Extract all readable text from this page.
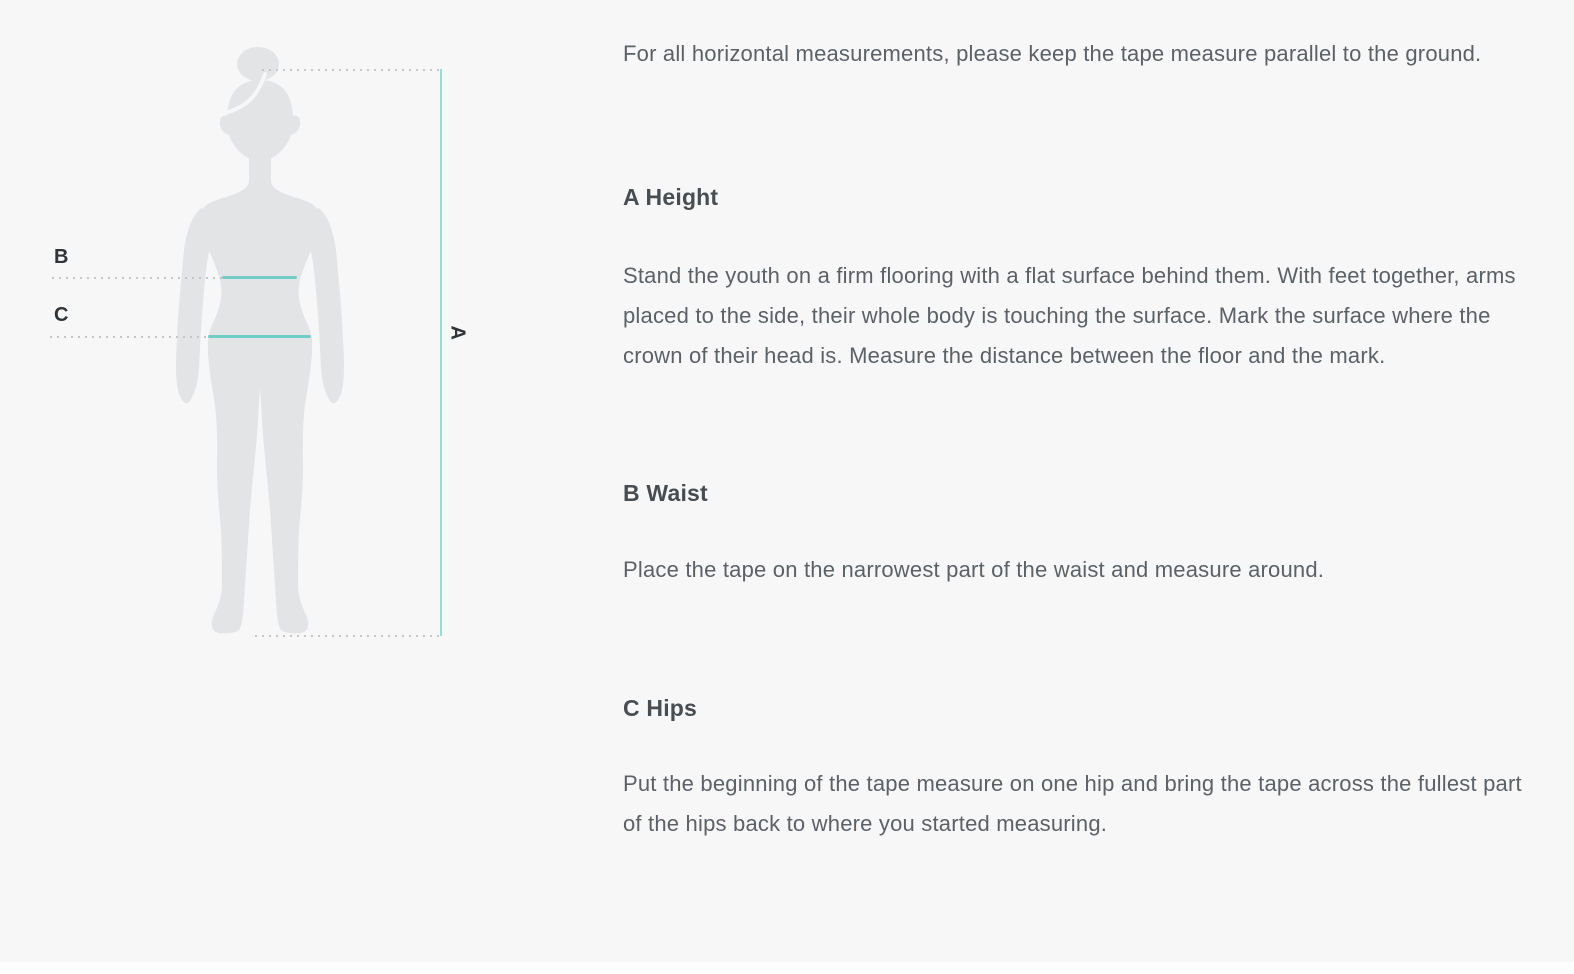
A
B
C

For all horizontal measurements, please keep the tape measure parallel to the ground.

A Height

Stand the youth on a firm flooring with a flat surface behind them. With feet together, arms placed to the side, their whole body is touching the surface. Mark the surface where the crown of their head is. Measure the distance between the floor and the mark.

B Waist

Place the tape on the narrowest part of the waist and measure around.

C Hips

Put the beginning of the tape measure on one hip and bring the tape across the fullest part of the hips back to where you started measuring.
